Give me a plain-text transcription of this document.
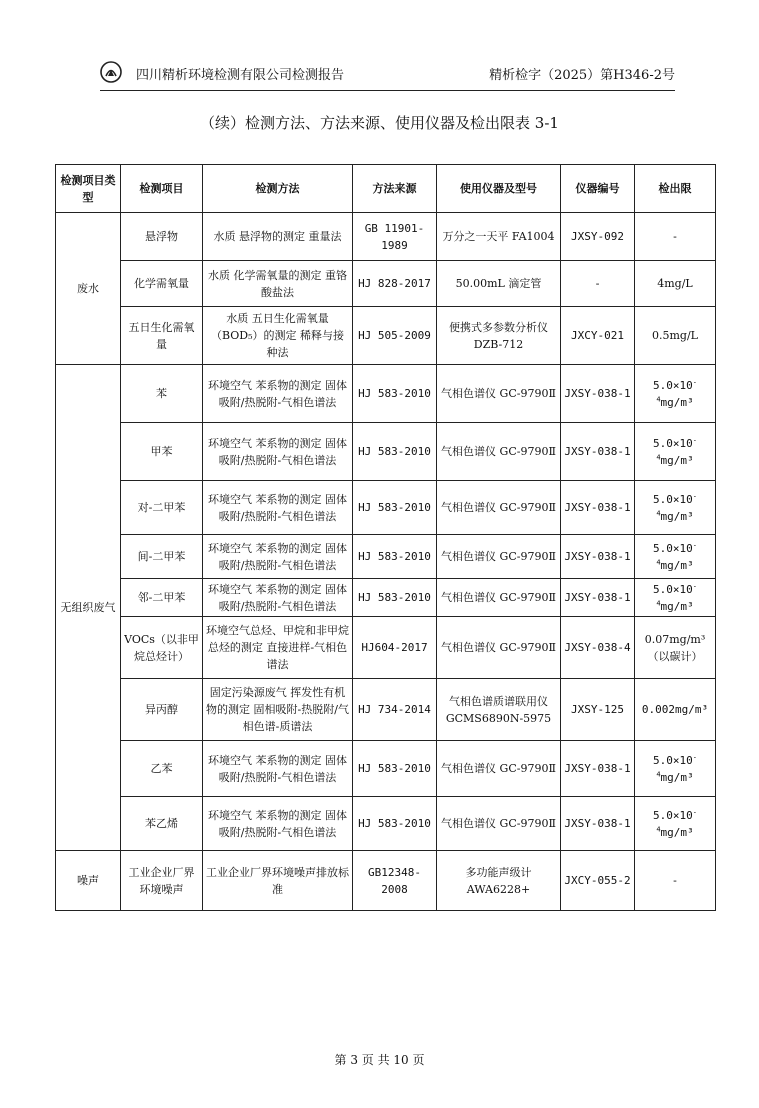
四川精析环境检测有限公司检测报告	精析检字（2025）第H346-2号
（续）检测方法、方法来源、使用仪器及检出限表 3-1
检测项目类型	检测项目	检测方法	方法来源	使用仪器及型号	仪器编号	检出限
废水	悬浮物	水质 悬浮物的测定 重量法	GB 11901-1989	万分之一天平 FA1004	JXSY-092	-
	化学需氧量	水质 化学需氧量的测定 重铬酸盐法	HJ 828-2017	50.00mL 滴定管	-	4mg/L
	五日生化需氧量	水质 五日生化需氧量（BOD₅）的测定 稀释与接种法	HJ 505-2009	便携式多参数分析仪 DZB-712	JXCY-021	0.5mg/L
无组织废气	苯	环境空气 苯系物的测定 固体吸附/热脱附-气相色谱法	HJ 583-2010	气相色谱仪 GC-9790Ⅱ	JXSY-038-1	$5.0\times 10^{-4}mg/m^3$
	甲苯	环境空气 苯系物的测定 固体吸附/热脱附-气相色谱法	HJ 583-2010	气相色谱仪 GC-9790Ⅱ	JXSY-038-1	$5.0\times 10^{-4}mg/m^3$
	对-二甲苯	环境空气 苯系物的测定 固体吸附/热脱附-气相色谱法	HJ 583-2010	气相色谱仪 GC-9790Ⅱ	JXSY-038-1	$5.0\times 10^{-4}mg/m^3$
	间-二甲苯	环境空气 苯系物的测定 固体吸附/热脱附-气相色谱法	HJ 583-2010	气相色谱仪 GC-9790Ⅱ	JXSY-038-1	$5.0\times 10^{-4}mg/m^3$
	邻-二甲苯	环境空气 苯系物的测定 固体吸附/热脱附-气相色谱法	HJ 583-2010	气相色谱仪 GC-9790Ⅱ	JXSY-038-1	$5.0\times 10^{-4}mg/m^3$
	VOCs（以非甲烷总烃计）	环境空气总烃、甲烷和非甲烷总烃的测定 直接进样-气相色谱法	HJ604-2017	气相色谱仪 GC-9790Ⅱ	JXSY-038-4	0.07mg/m³（以碳计）
	异丙醇	固定污染源废气 挥发性有机物的测定 固相吸附-热脱附/气相色谱-质谱法	HJ 734-2014	气相色谱质谱联用仪 GCMS6890N-5975	JXSY-125	0.002mg/m³
	乙苯	环境空气 苯系物的测定 固体吸附/热脱附-气相色谱法	HJ 583-2010	气相色谱仪 GC-9790Ⅱ	JXSY-038-1	$5.0\times 10^{-4}mg/m^3$
	苯乙烯	环境空气 苯系物的测定 固体吸附/热脱附-气相色谱法	HJ 583-2010	气相色谱仪 GC-9790Ⅱ	JXSY-038-1	$5.0\times 10^{-4}mg/m^3$
噪声	工业企业厂界环境噪声	工业企业厂界环境噪声排放标准	GB12348-2008	多功能声级计 AWA6228+	JXCY-055-2	-
第 3 页 共 10 页
